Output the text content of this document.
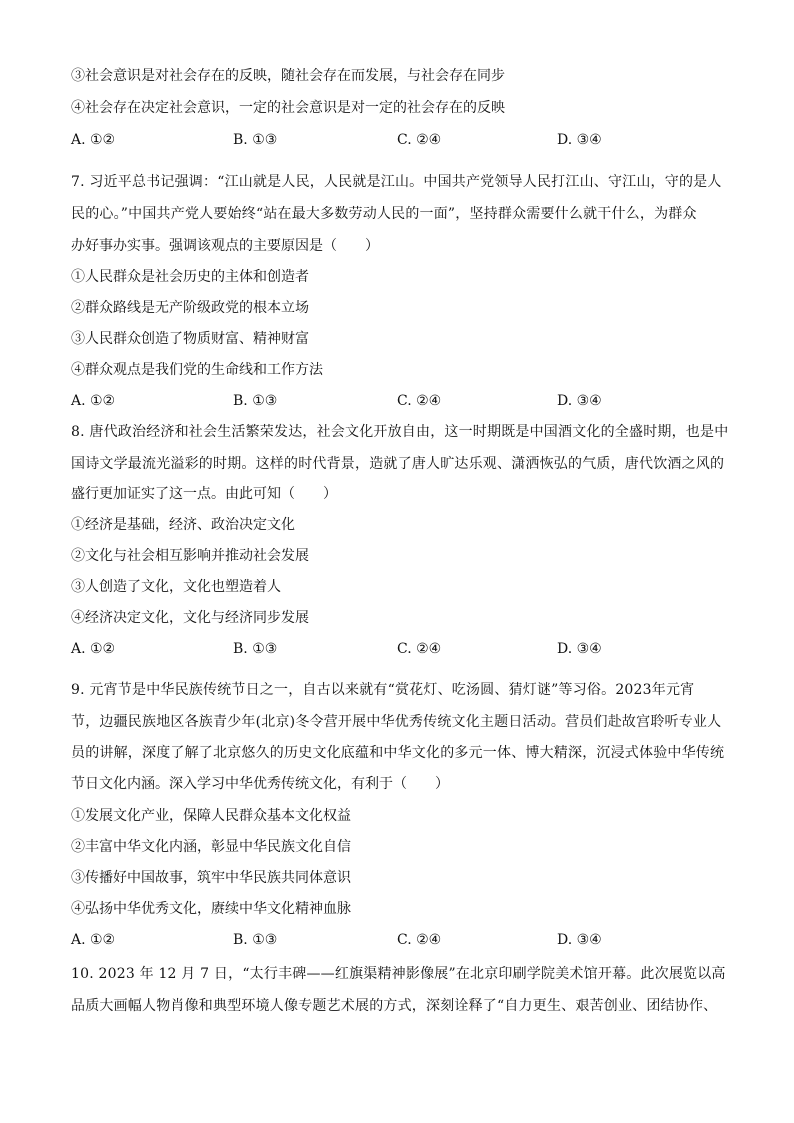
③社会意识是对社会存在的反映，随社会存在而发展，与社会存在同步
④社会存在决定社会意识，一定的社会意识是对一定的社会存在的反映
A. ①②	B. ①③	C. ②④	D. ③④
7. 习近平总书记强调：“江山就是人民，人民就是江山。中国共产党领导人民打江山、守江山，守的是人
民的心。”中国共产党人要始终“站在最大多数劳动人民的一面”，坚持群众需要什么就干什么，为群众
办好事办实事。强调该观点的主要原因是（　　）
①人民群众是社会历史的主体和创造者
②群众路线是无产阶级政党的根本立场
③人民群众创造了物质财富、精神财富
④群众观点是我们党的生命线和工作方法
A. ①②	B. ①③	C. ②④	D. ③④
8. 唐代政治经济和社会生活繁荣发达，社会文化开放自由，这一时期既是中国酒文化的全盛时期，也是中
国诗文学最流光溢彩的时期。这样的时代背景，造就了唐人旷达乐观、潇洒恢弘的气质，唐代饮酒之风的
盛行更加证实了这一点。由此可知（　　）
①经济是基础，经济、政治决定文化
②文化与社会相互影响并推动社会发展
③人创造了文化，文化也塑造着人
④经济决定文化，文化与经济同步发展
A. ①②	B. ①③	C. ②④	D. ③④
9. 元宵节是中华民族传统节日之一，自古以来就有“赏花灯、吃汤圆、猜灯谜”等习俗。2023年元宵
节，边疆民族地区各族青少年(北京)冬令营开展中华优秀传统文化主题日活动。营员们赴故宫聆听专业人
员的讲解，深度了解了北京悠久的历史文化底蕴和中华文化的多元一体、博大精深，沉浸式体验中华传统
节日文化内涵。深入学习中华优秀传统文化，有利于（　　）
①发展文化产业，保障人民群众基本文化权益
②丰富中华文化内涵，彰显中华民族文化自信
③传播好中国故事，筑牢中华民族共同体意识
④弘扬中华优秀文化，赓续中华文化精神血脉
A. ①②	B. ①③	C. ②④	D. ③④
10. 2023 年 12 月 7 日，“太行丰碑——红旗渠精神影像展”在北京印刷学院美术馆开幕。此次展览以高
品质大画幅人物肖像和典型环境人像专题艺术展的方式，深刻诠释了“自力更生、艰苦创业、团结协作、
